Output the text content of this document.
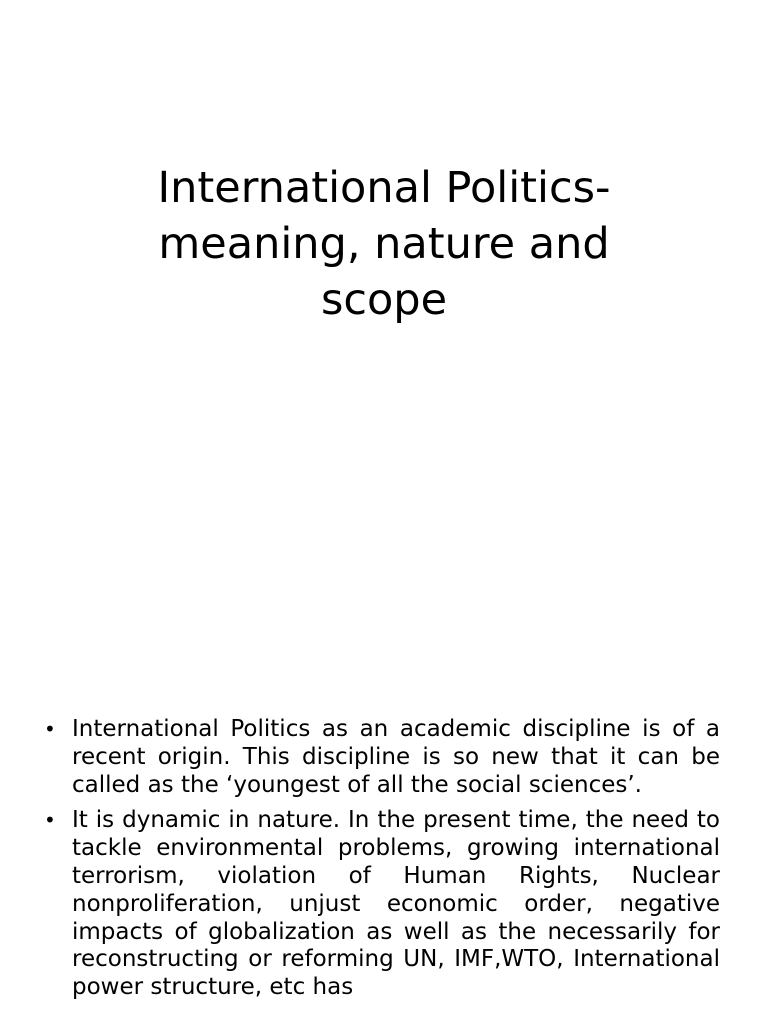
International Politics-meaning, nature and scope
• International Politics as an academic discipline is of a recent origin. This discipline is so new that it can be called as the ‘youngest of all the social sciences’.
• It is dynamic in nature. In the present time, the need to tackle environmental problems, growing international terrorism, violation of Human Rights, Nuclear nonproliferation, unjust economic order, negative impacts of globalization as well as the necessarily for reconstructing or reforming UN, IMF,WTO, International power structure, etc has
